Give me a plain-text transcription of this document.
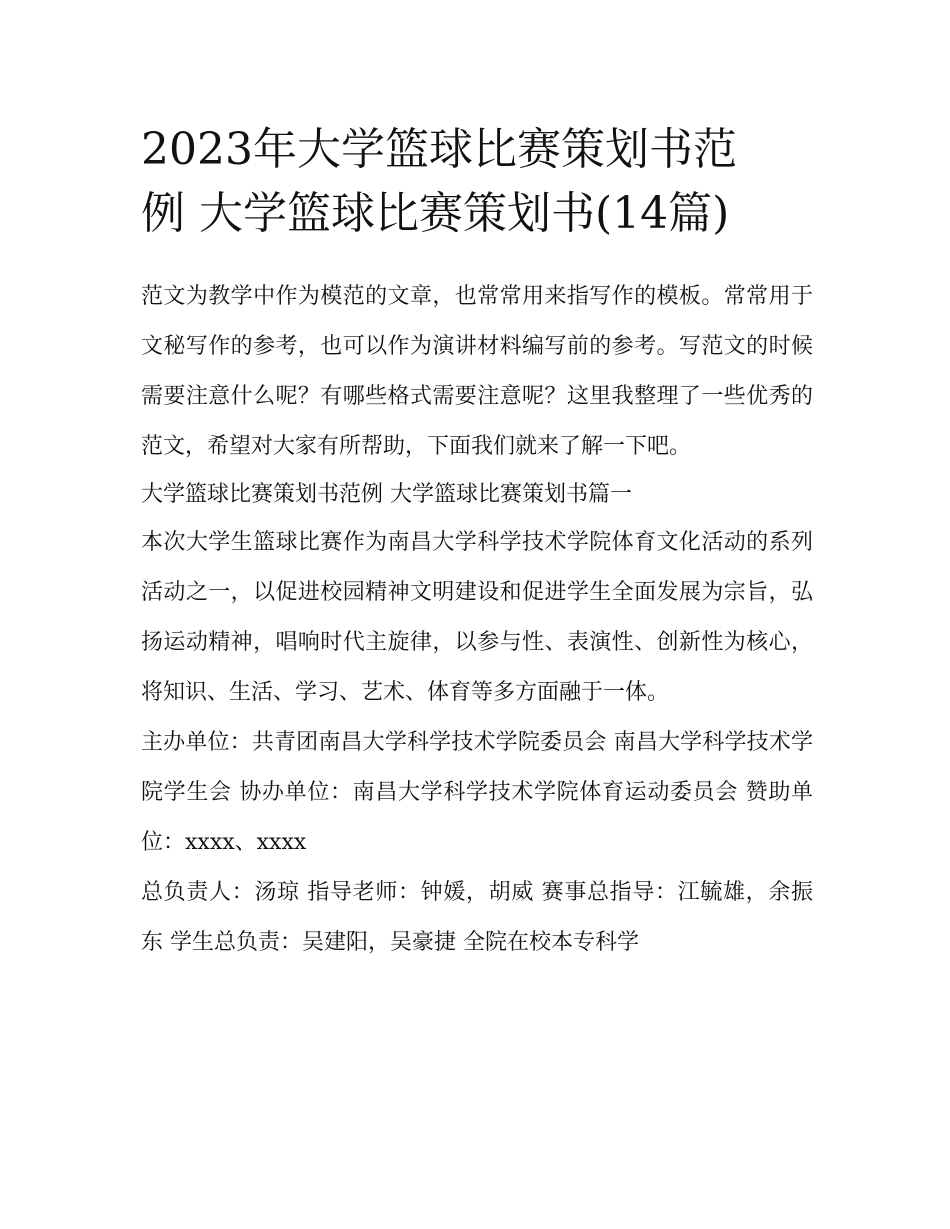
2023年大学篮球比赛策划书范
例 大学篮球比赛策划书(14篇)

范文为教学中作为模范的文章，也常常用来指写作的模板。常常用于文秘写作的参考，也可以作为演讲材料编写前的参考。写范文的时候需要注意什么呢？有哪些格式需要注意呢？这里我整理了一些优秀的范文，希望对大家有所帮助，下面我们就来了解一下吧。

大学篮球比赛策划书范例 大学篮球比赛策划书篇一

本次大学生篮球比赛作为南昌大学科学技术学院体育文化活动的系列活动之一，以促进校园精神文明建设和促进学生全面发展为宗旨，弘扬运动精神，唱响时代主旋律，以参与性、表演性、创新性为核心，将知识、生活、学习、艺术、体育等多方面融于一体。

主办单位：共青团南昌大学科学技术学院委员会 南昌大学科学技术学院学生会 协办单位：南昌大学科学技术学院体育运动委员会 赞助单位：xxxx、xxxx

总负责人：汤琼 指导老师：钟媛，胡威 赛事总指导：江毓雄，余振东 学生总负责：吴建阳，吴豪捷 全院在校本专科学
